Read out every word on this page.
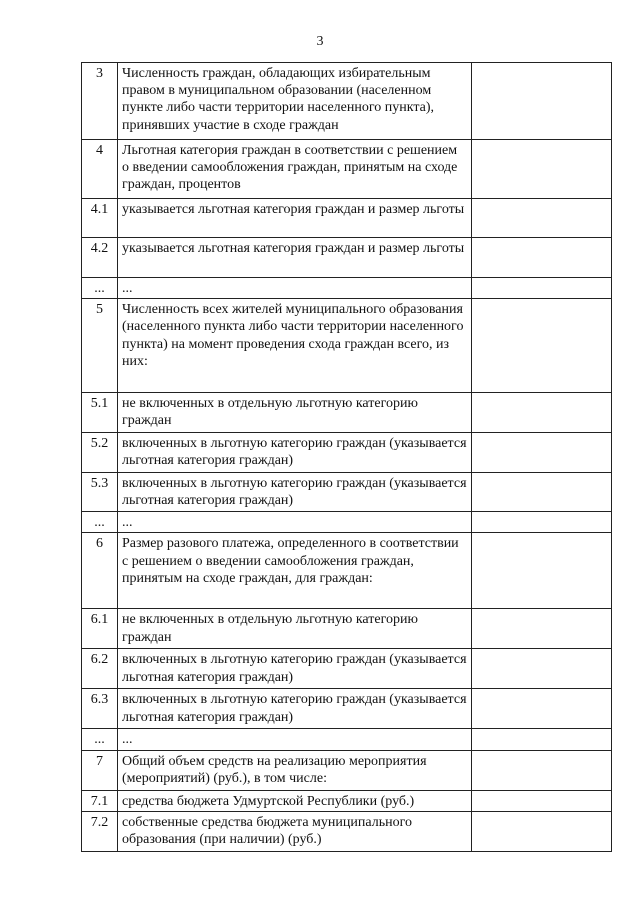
3
3	Численность граждан, обладающих избирательным правом в муниципальном образовании (населенном пункте либо части территории населенного пункта), принявших участие в сходе граждан	
4	Льготная категория граждан в соответствии с решением о введении самообложения граждан, принятым на сходе граждан, процентов	
4.1	указывается льготная категория граждан и размер льготы	
4.2	указывается льготная категория граждан и размер льготы	
...	...	
5	Численность всех жителей муниципального образования (населенного пункта либо части территории населенного пункта) на момент проведения схода граждан всего, из них:	
5.1	не включенных в отдельную льготную категорию граждан	
5.2	включенных в льготную категорию граждан (указывается льготная категория граждан)	
5.3	включенных в льготную категорию граждан (указывается льготная категория граждан)	
...	...	
6	Размер разового платежа, определенного в соответствии с решением о введении самообложения граждан, принятым на сходе граждан, для граждан:	
6.1	не включенных в отдельную льготную категорию граждан	
6.2	включенных в льготную категорию граждан (указывается льготная категория граждан)	
6.3	включенных в льготную категорию граждан (указывается льготная категория граждан)	
...	...	
7	Общий объем средств на реализацию мероприятия (мероприятий) (руб.), в том числе:	
7.1	средства бюджета Удмуртской Республики (руб.)	
7.2	собственные средства бюджета муниципального образования (при наличии) (руб.)	
